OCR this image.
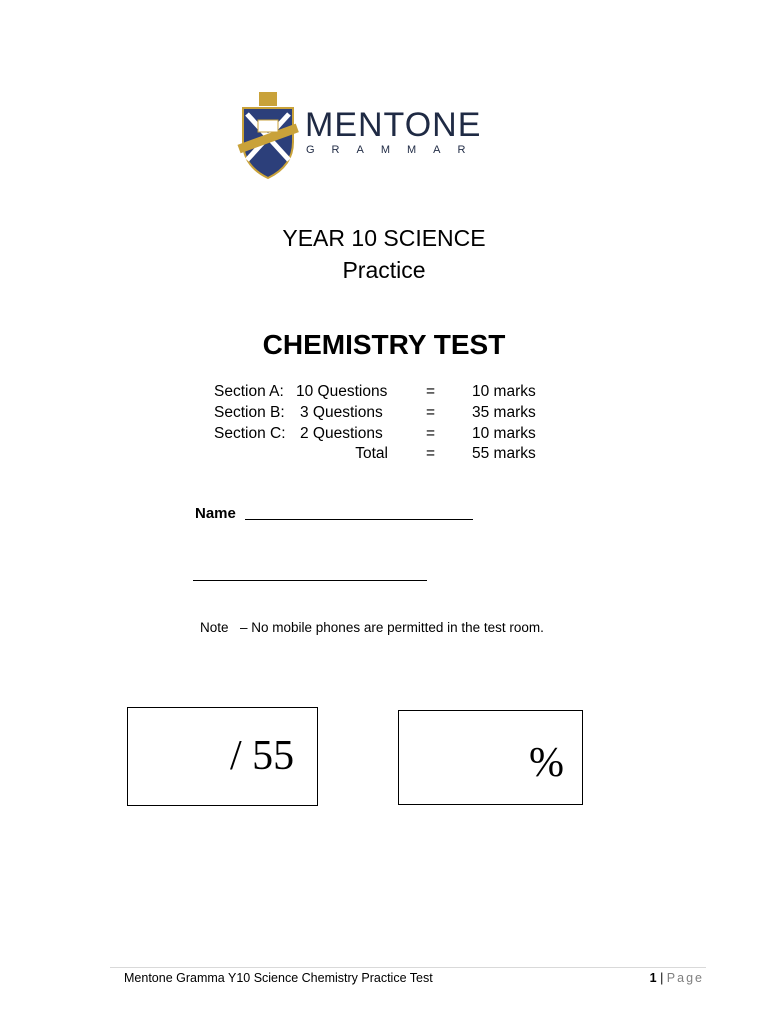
MENTONE
GRAMMAR
YEAR 10 SCIENCE
Practice
CHEMISTRY TEST
Section A: 10 Questions = 10 marks
Section B: 3 Questions	= 35 marks
Section C: 2 Questions	= 10 marks
Total = 55 marks
Name
Note – No mobile phones are permitted in the test room.
/ 55	%
Mentone Gramma Y10 Science Chemistry Practice Test	1 | Page
